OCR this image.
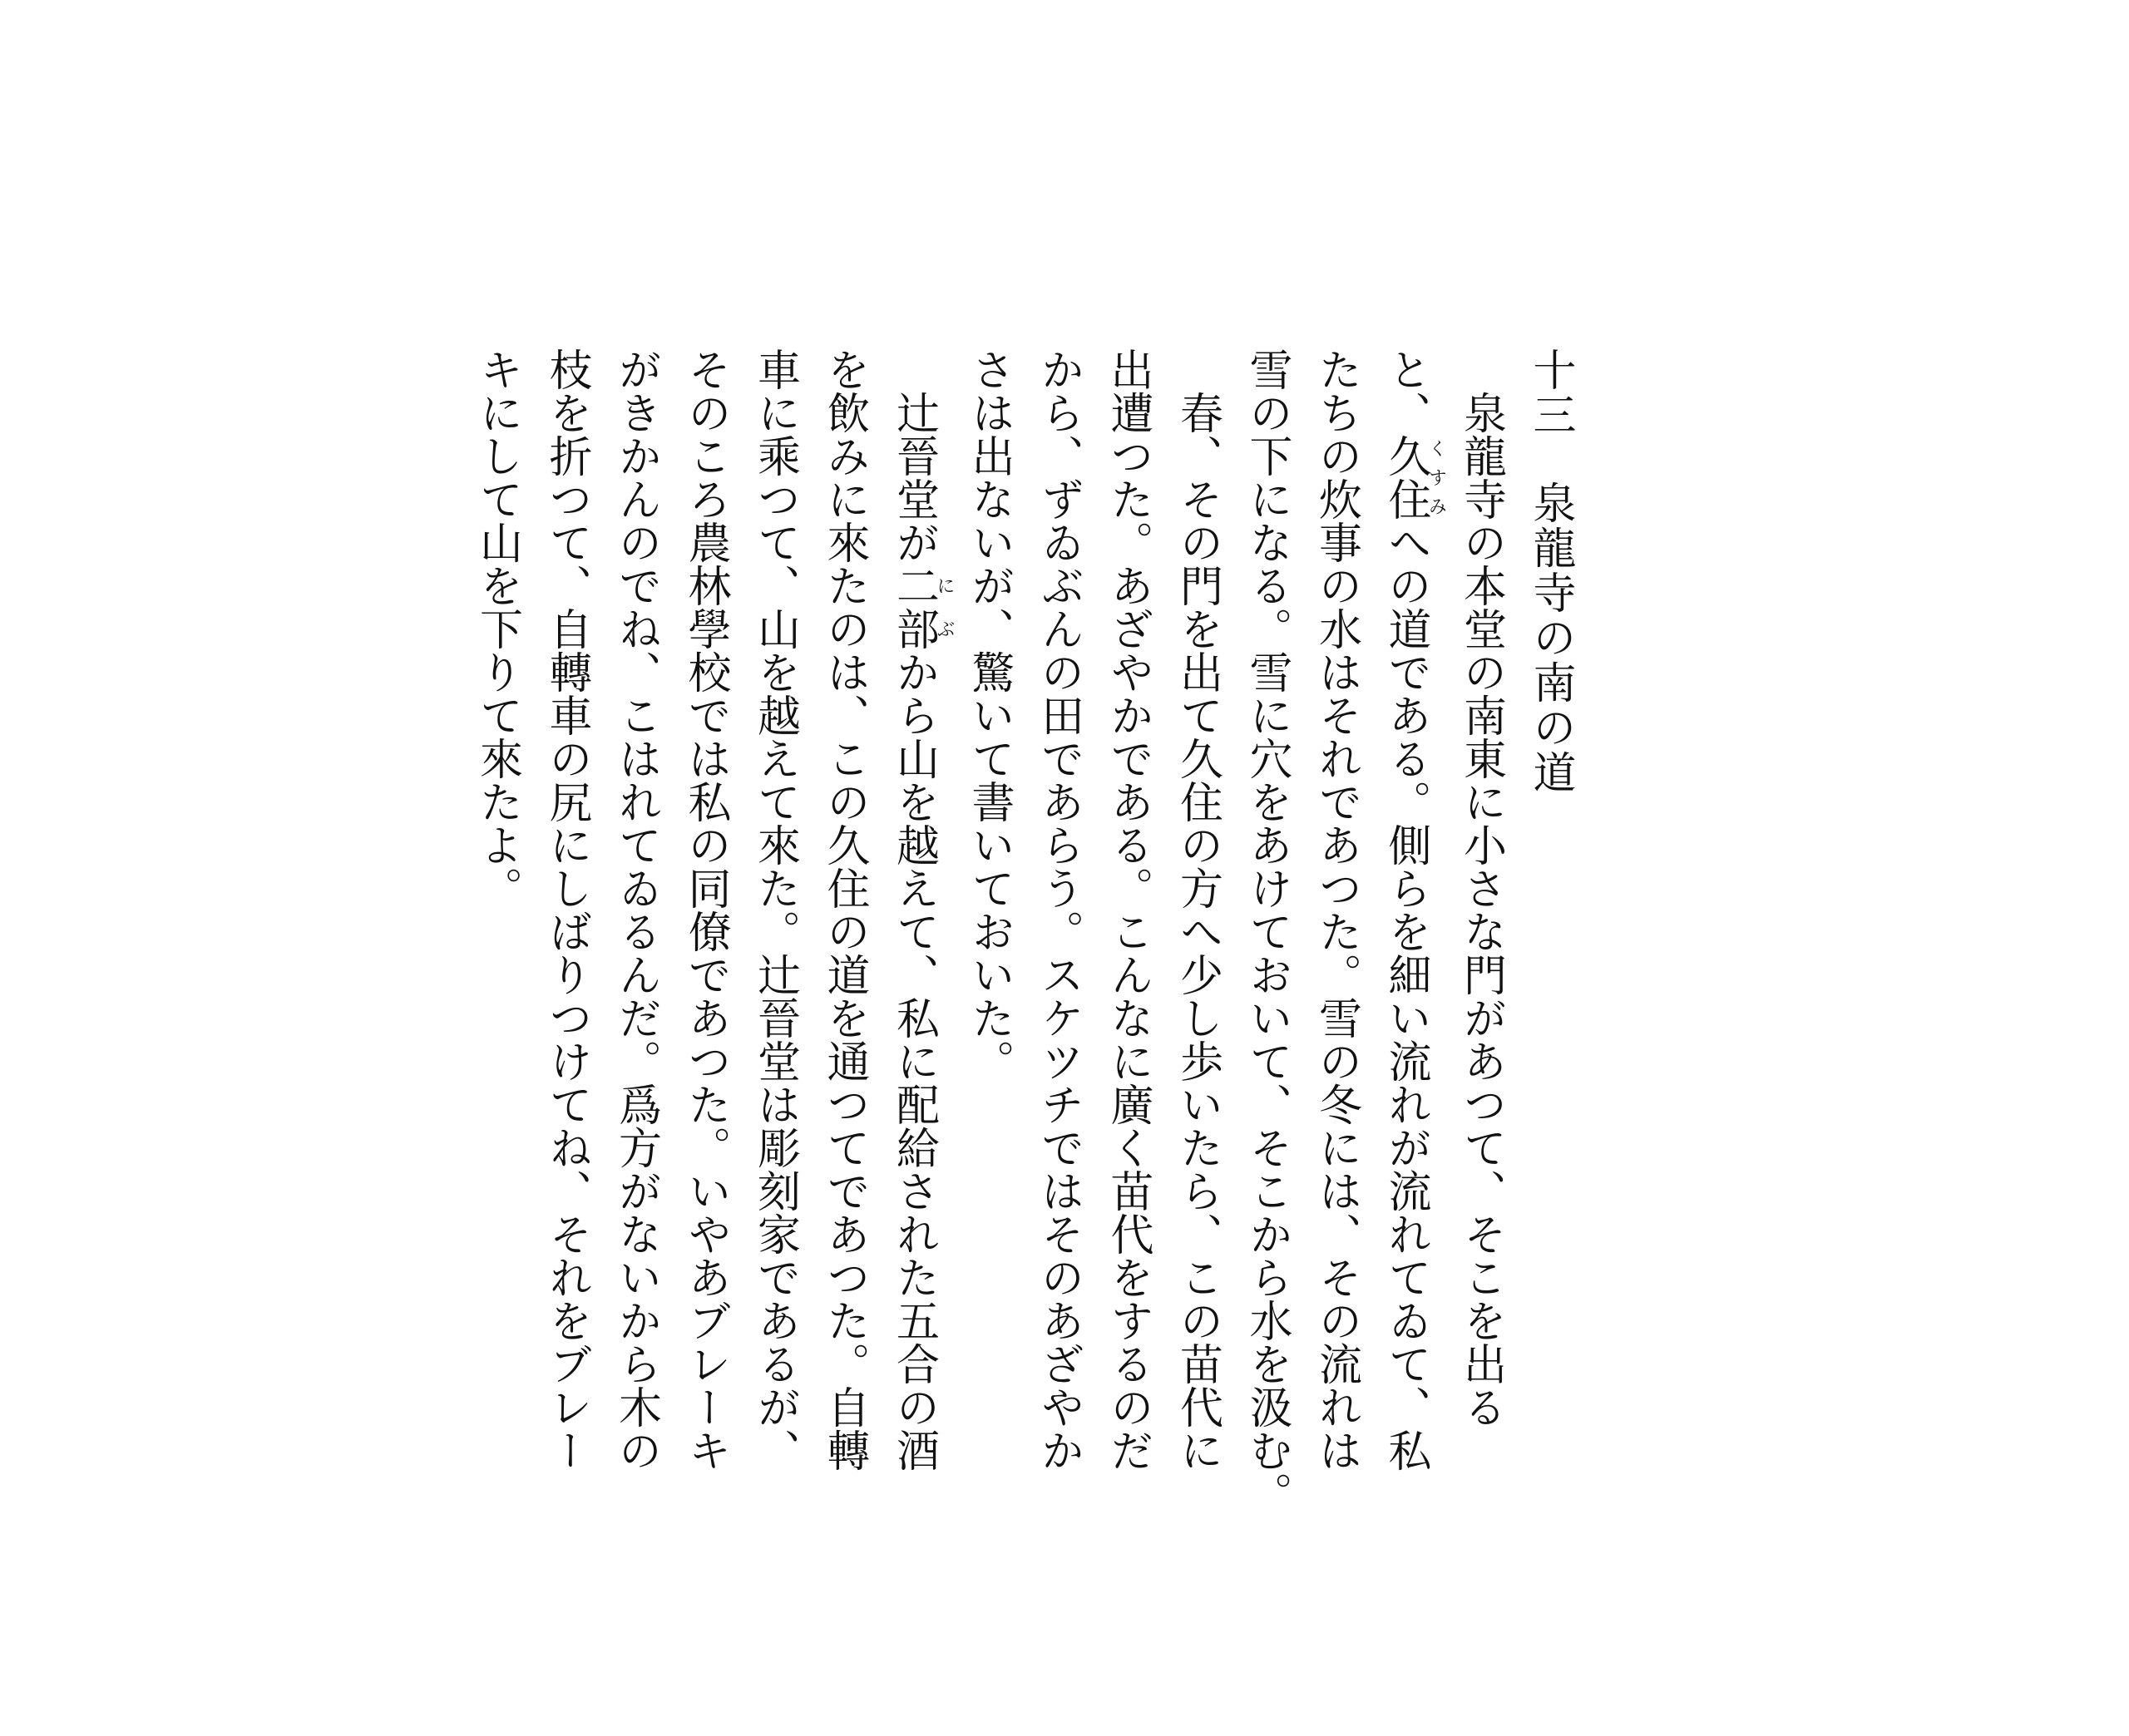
十三　　泉龍寺の南の道
泉龍寺の本堂の南東に小さな門があつて、そこを出る
と、久住くすみへの道である。側らを細い流れが流れてゐて、私
たちの炊事の水はそれであつた。雪の冬には、その流れは
雪の下になる。雪に穴をあけておいて、そこから水を汲む。
春、その門を出て久住の方へ少し歩いたら、この苗代に
出遭つた。あざやかである。こんなに廣く苗代をするのだ
から、ずゐぶんの田であらう。スケツチではそのあざやか
さは出ないが、驚いて書いておいた。
辻晉堂が二に部ぶから山を越えて、私に配給された五合の酒
を飲みに來たのは、この久住の道を通つてであつた。自轉
車に乘つて、山を越えて來た。辻晉堂は彫刻家であるが、
そのころ農林學校では私の同僚であつた。いやあブレーキ
がきかんのでね、こはれてゐるんだ。爲方がないから木の
枝を折つて、自轉車の尻にしばりつけてね、それをブレー
キにして山を下りて來たよ。
